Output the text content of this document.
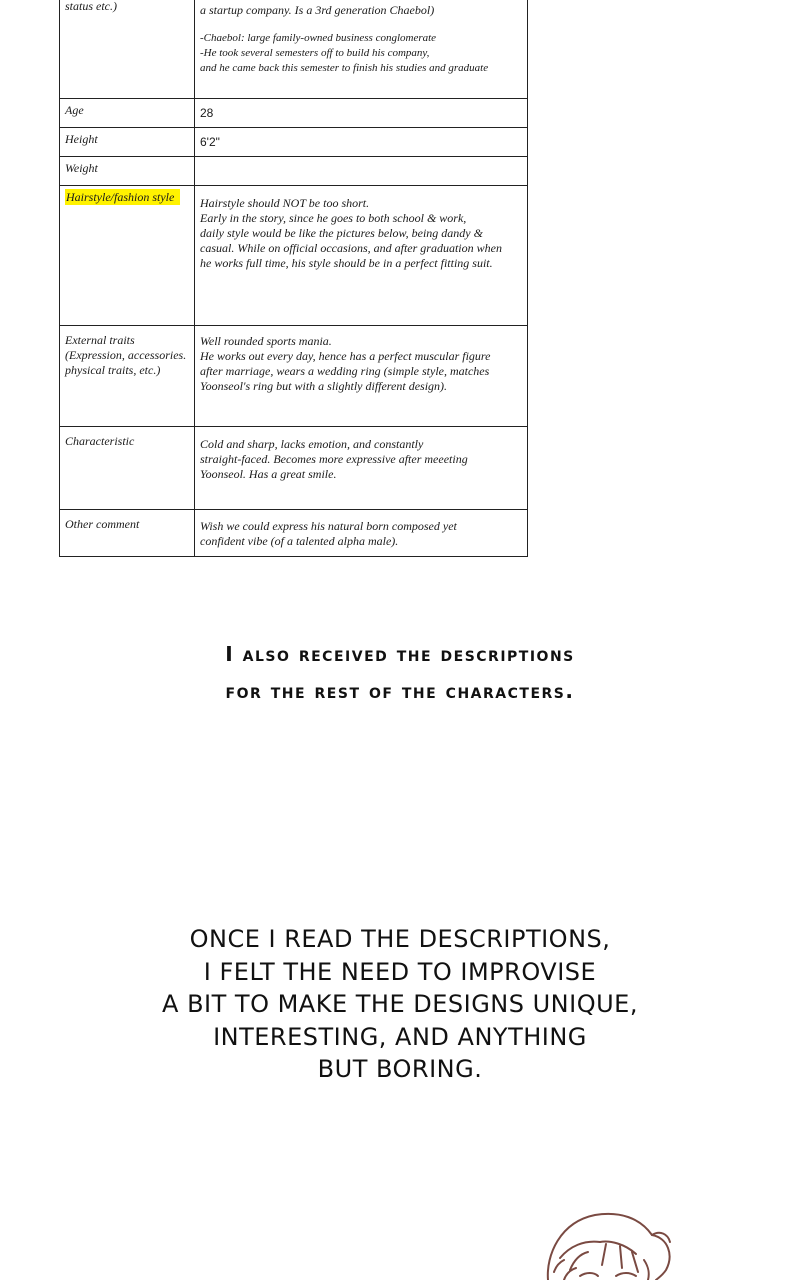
status etc.)	a startup company. Is a 3rd generation Chaebol)

-Chaebol: large family-owned business conglomerate

-He took several semesters off to build his company,

and he came back this semester to finish his studies and graduate

Age	28

Height	6'2"

Weight	
Hairstyle/fashion style	Hairstyle should NOT be too short.

Early in the story, since he goes to both school & work,

daily style would be like the pictures below, being dandy &

casual. While on official occasions, and after graduation when

he works full time, his style should be in a perfect fitting suit.

External traits (Expression, accessories. physical traits, etc.)	Well rounded sports mania.

He works out every day, hence has a perfect muscular figure

after marriage, wears a wedding ring (simple style, matches

Yoonseol's ring but with a slightly different design).

Characteristic	Cold and sharp, lacks emotion, and constantly

straight-faced. Becomes more expressive after meeeting

Yoonseol. Has a great smile.

Other comment	Wish we could express his natural born composed yet

confident vibe (of a talented alpha male).

I also received the descriptions

for the rest of the characters.

ONCE I READ THE DESCRIPTIONS,

I FELT THE NEED TO IMPROVISE

A BIT TO MAKE THE DESIGNS UNIQUE,

INTERESTING, AND ANYTHING

BUT BORING.
